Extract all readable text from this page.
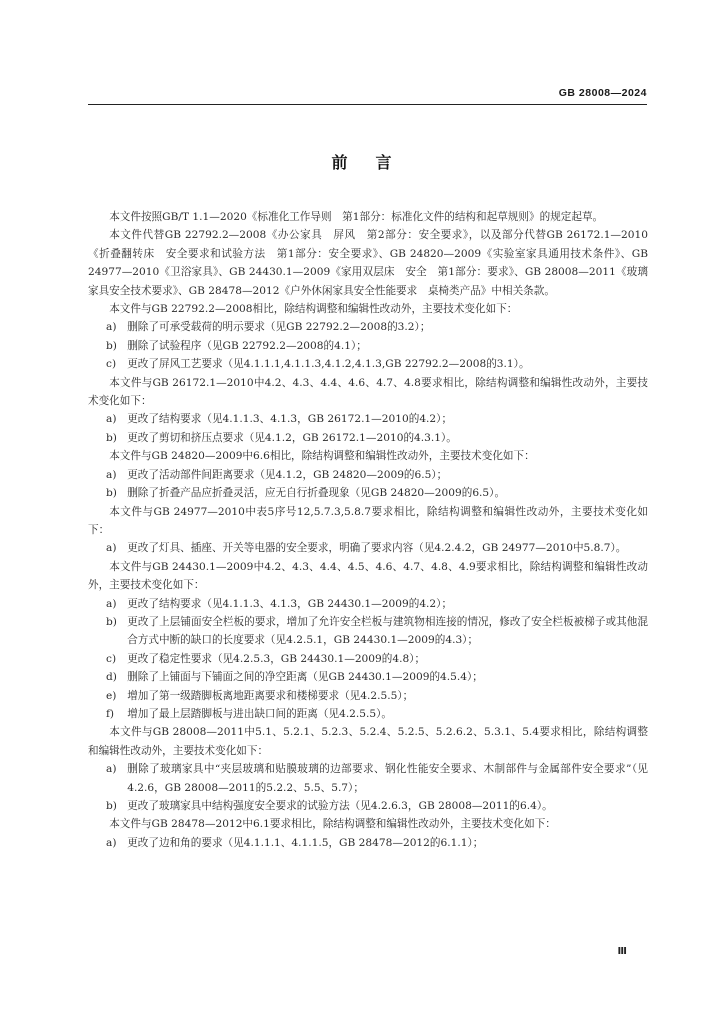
GB 28008—2024
前言

本文件按照GB/T 1.1—2020《标准化工作导则　第1部分：标准化文件的结构和起草规则》的规定起草。

本文件代替GB 22792.2—2008《办公家具　屏风　第2部分：安全要求》，以及部分代替GB 26172.1—2010《折叠翻转床　安全要求和试验方法　第1部分：安全要求》、GB 24820—2009《实验室家具通用技术条件》、GB 24977—2010《卫浴家具》、GB 24430.1—2009《家用双层床　安全　第1部分：要求》、GB 28008—2011《玻璃家具安全技术要求》、GB 28478—2012《户外休闲家具安全性能要求　桌椅类产品》中相关条款。

本文件与GB 22792.2—2008相比，除结构调整和编辑性改动外，主要技术变化如下：

a)	删除了可承受载荷的明示要求（见GB 22792.2—2008的3.2）；
b) 删除了试验程序（见GB 22792.2—2008的4.1）；
c)	更改了屏风工艺要求（见4.1.1.1,4.1.1.3,4.1.2,4.1.3,GB 22792.2—2008的3.1）。

本文件与GB 26172.1—2010中4.2、4.3、4.4、4.6、4.7、4.8要求相比，除结构调整和编辑性改动外，主要技术变化如下：

a)	更改了结构要求（见4.1.1.3、4.1.3，GB 26172.1—2010的4.2）；
b) 更改了剪切和挤压点要求（见4.1.2，GB 26172.1—2010的4.3.1）。

本文件与GB 24820—2009中6.6相比，除结构调整和编辑性改动外，主要技术变化如下：

a)	更改了活动部件间距离要求（见4.1.2，GB 24820—2009的6.5）；
b) 删除了折叠产品应折叠灵活，应无自行折叠现象（见GB 24820—2009的6.5）。

本文件与GB 24977—2010中表5序号12,5.7.3,5.8.7要求相比，除结构调整和编辑性改动外，主要技术变化如下：

a)	更改了灯具、插座、开关等电器的安全要求，明确了要求内容（见4.2.4.2，GB 24977—2010中5.8.7）。

本文件与GB 24430.1—2009中4.2、4.3、4.4、4.5、4.6、4.7、4.8、4.9要求相比，除结构调整和编辑性改动外，主要技术变化如下：

a)	更改了结构要求（见4.1.1.3、4.1.3，GB 24430.1—2009的4.2）；
b) 更改了上层铺面安全栏板的要求，增加了允许安全栏板与建筑物相连接的情况，修改了安全栏板被梯子或其他混合方式中断的缺口的长度要求（见4.2.5.1，GB 24430.1—2009的4.3）；
c)	更改了稳定性要求（见4.2.5.3，GB 24430.1—2009的4.8）；
d) 删除了上铺面与下铺面之间的净空距离（见GB 24430.1—2009的4.5.4）；
e)	增加了第一级踏脚板离地距离要求和楼梯要求（见4.2.5.5）；
f)	增加了最上层踏脚板与进出缺口间的距离（见4.2.5.5）。

本文件与GB 28008—2011中5.1、5.2.1、5.2.3、5.2.4、5.2.5、5.2.6.2、5.3.1、5.4要求相比，除结构调整和编辑性改动外，主要技术变化如下：

a)	删除了玻璃家具中“夹层玻璃和贴膜玻璃的边部要求、钢化性能安全要求、木制部件与金属部件安全要求”（见4.2.6，GB 28008—2011的5.2.2、5.5、5.7）；
b) 更改了玻璃家具中结构强度安全要求的试验方法（见4.2.6.3，GB 28008—2011的6.4）。

本文件与GB 28478—2012中6.1要求相比，除结构调整和编辑性改动外，主要技术变化如下：

a)	更改了边和角的要求（见4.1.1.1、4.1.1.5，GB 28478—2012的6.1.1）；
Ⅲ
